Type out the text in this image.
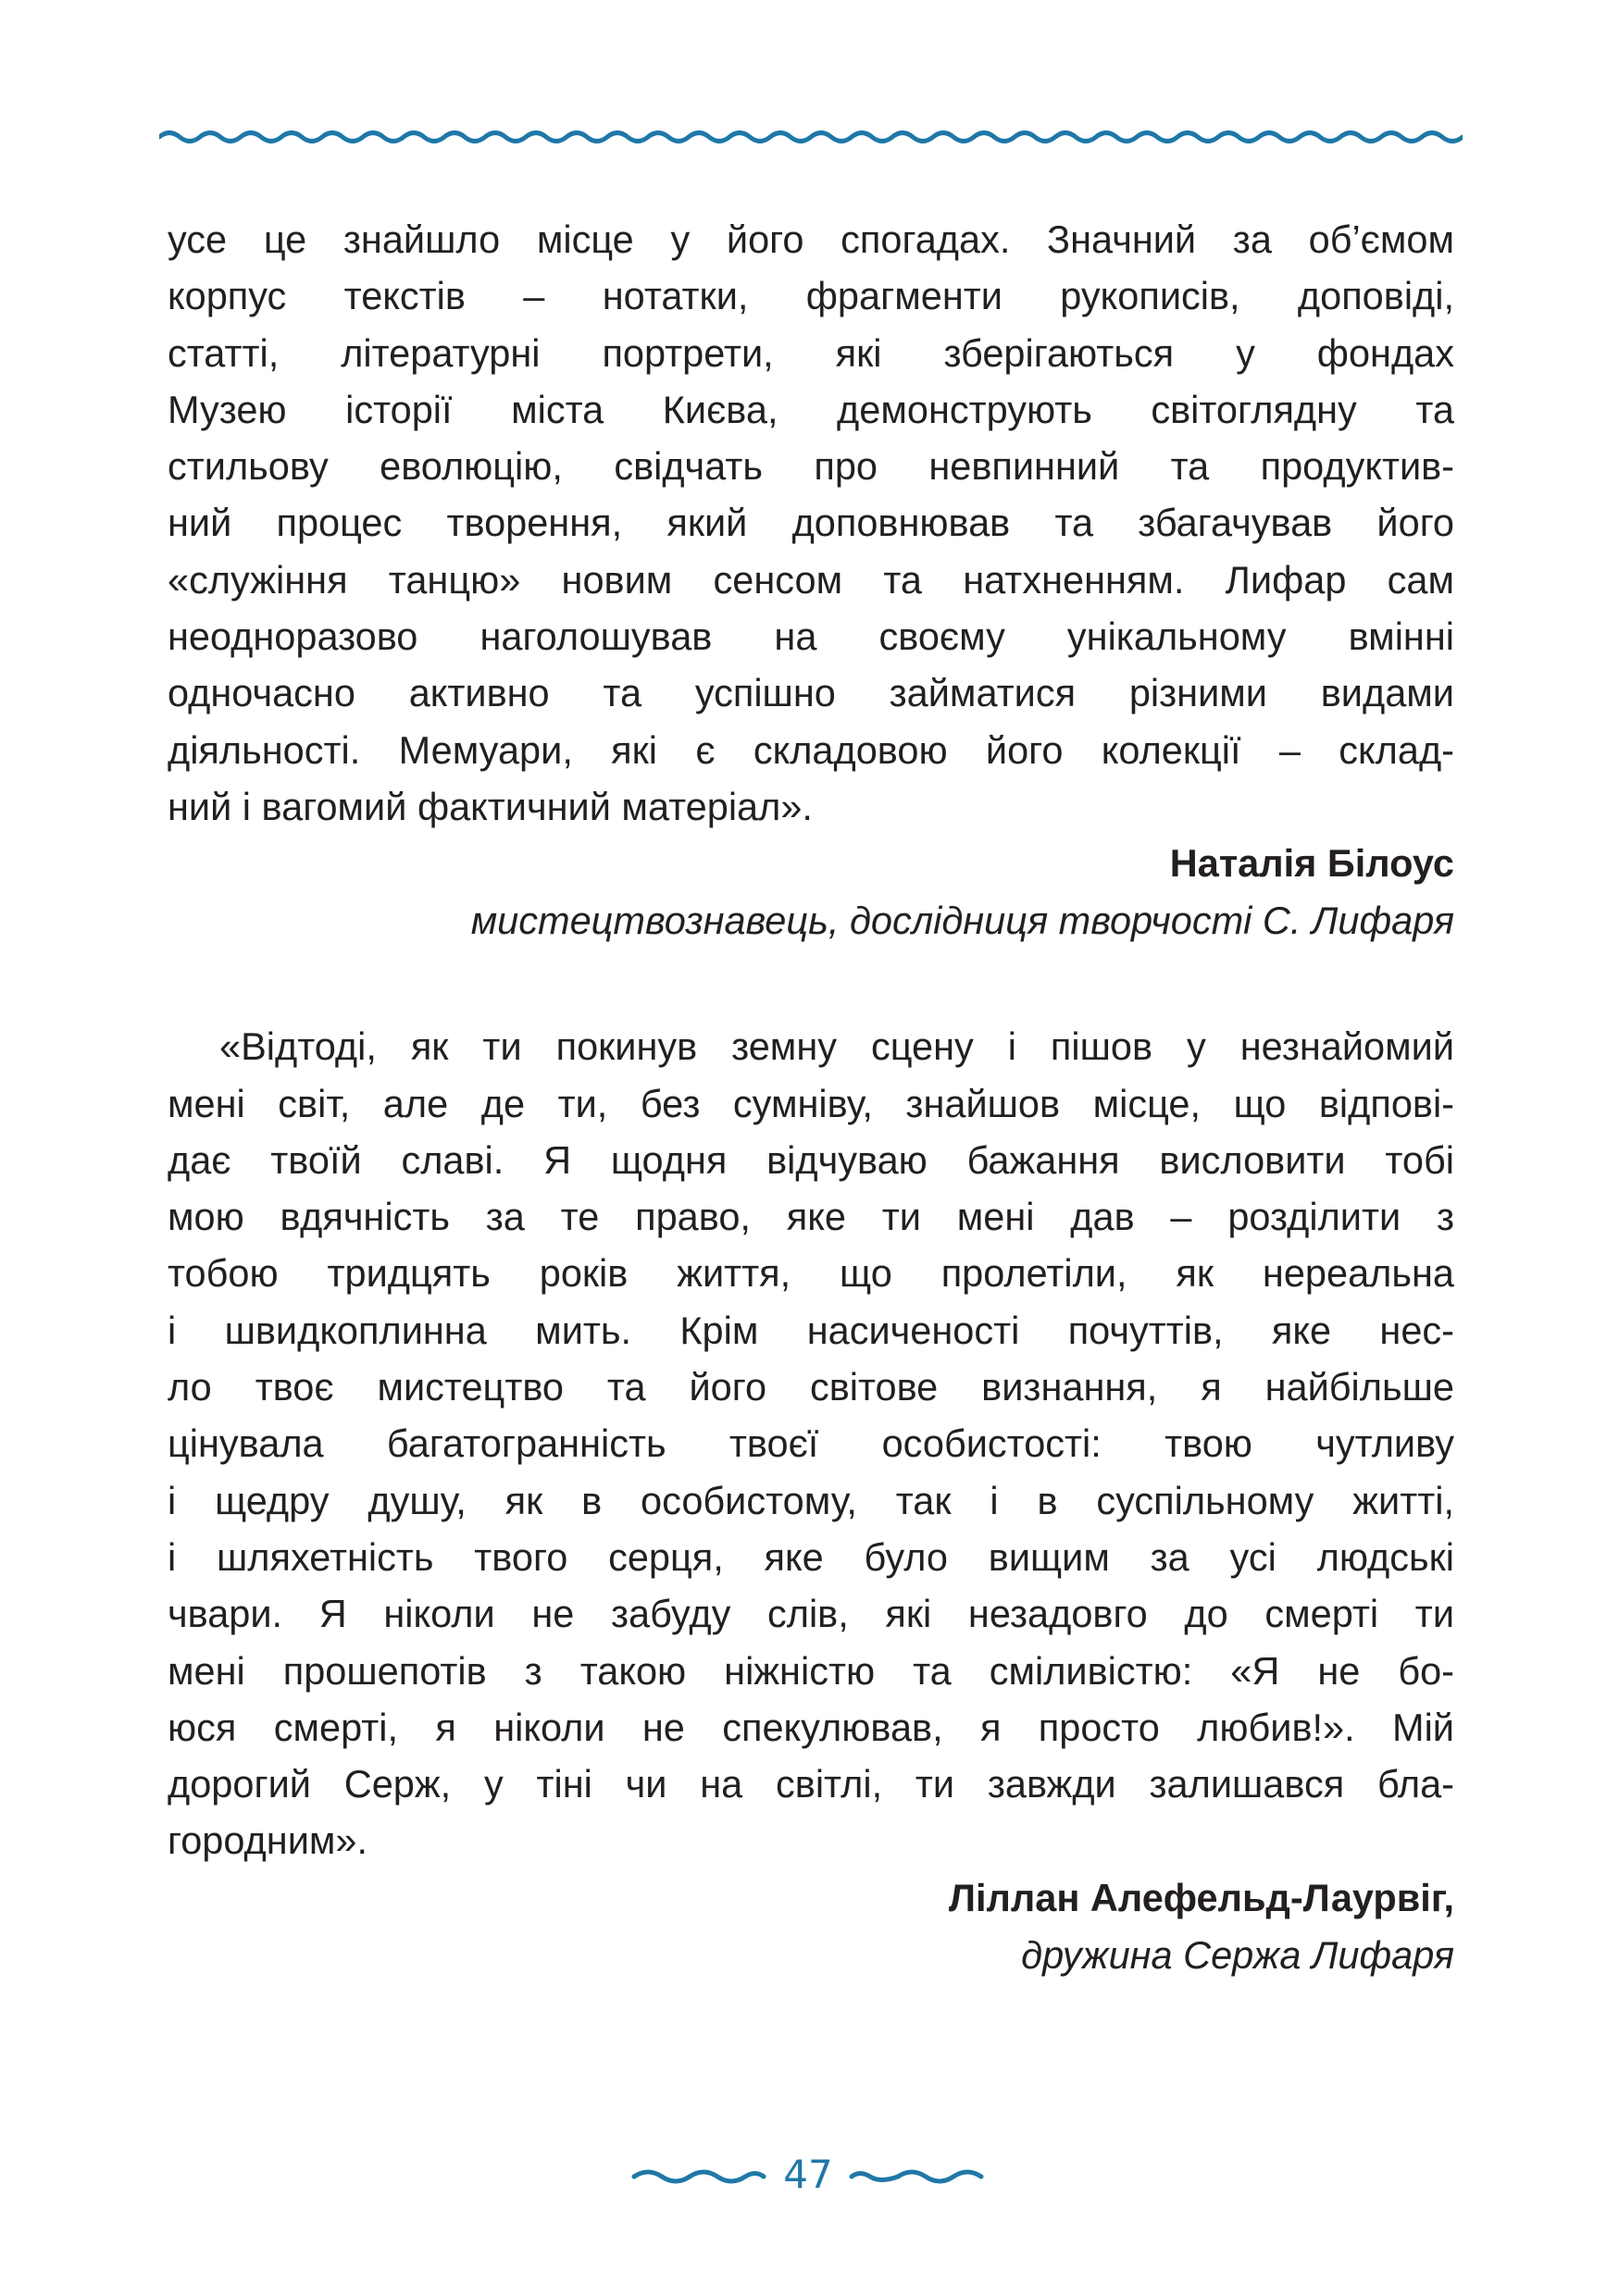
усе це знайшло місце у його спогадах. Значний за об’ємом
корпус текстів – нотатки, фрагменти рукописів, доповіді,
статті, літературні портрети, які зберігаються у фондах
Музею історії міста Києва, демонструють світоглядну та
стильову еволюцію, свідчать про невпинний та продуктив-
ний процес творення, який доповнював та збагачував його
«служіння танцю» новим сенсом та натхненням. Лифар сам
неодноразово наголошував на своєму унікальному вмінні
одночасно активно та успішно займатися різними видами
діяльності. Мемуари, які є складовою його колекції – склад-
ний і вагомий фактичний матеріал».
Наталія Білоус
мистецтвознавець, дослідниця творчості С. Лифаря
«Відтоді, як ти покинув земну сцену і пішов у незнайомий
мені світ, але де ти, без сумніву, знайшов місце, що відпові-
дає твоїй славі. Я щодня відчуваю бажання висловити тобі
мою вдячність за те право, яке ти мені дав – розділити з
тобою тридцять років життя, що пролетіли, як нереальна
і швидкоплинна мить. Крім насиченості почуттів, яке нес-
ло твоє мистецтво та його світове визнання, я найбільше
цінувала багатогранність твоєї особистості: твою чутливу
і щедру душу, як в особистому, так і в суспільному житті,
і шляхетність твого серця, яке було вищим за усі людські
чвари. Я ніколи не забуду слів, які незадовго до смерті ти
мені прошепотів з такою ніжністю та сміливістю: «Я не бо-
юся смерті, я ніколи не спекулював, я просто любив!». Мій
дорогий Серж, у тіні чи на світлі, ти завжди залишався бла-
городним».
Ліллан Алефельд-Лаурвіг,
дружина Сержа Лифаря
47
